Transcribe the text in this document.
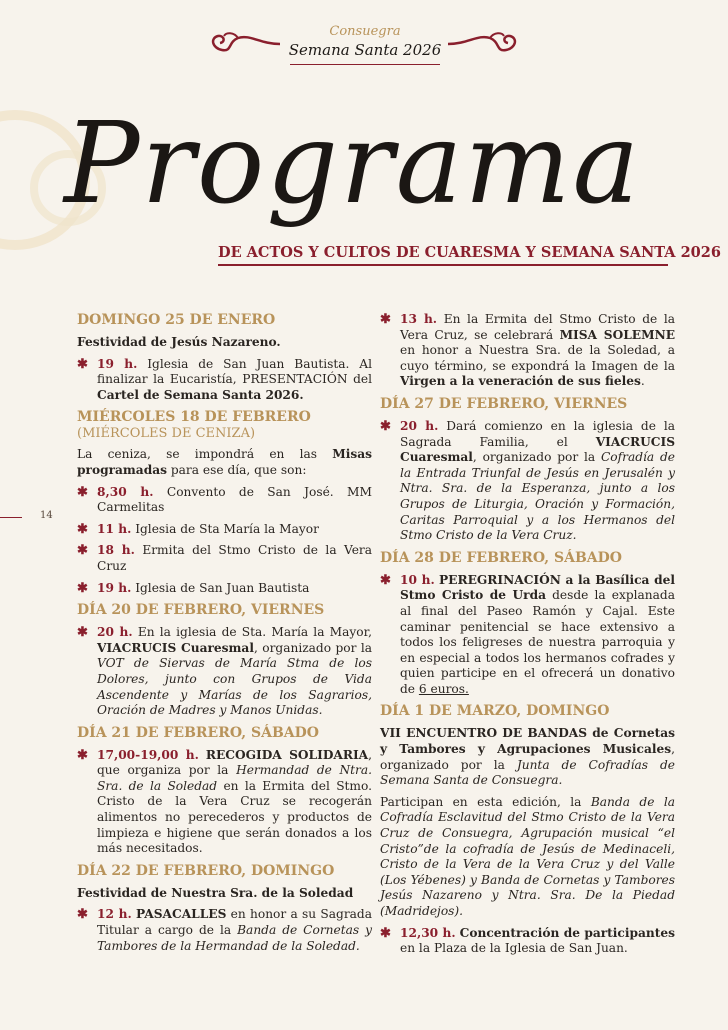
Consuegra
Semana Santa 2026
Programa
DE ACTOS Y CULTOS DE CUARESMA Y SEMANA SANTA 2026
14
DOMINGO 25 DE ENERO
Festividad de Jesús Nazareno.
✱ 19 h. Iglesia de San Juan Bautista. Al finalizar la Eucaristía, PRESENTACIÓN del Cartel de Semana Santa 2026.
MIÉRCOLES 18 DE FEBRERO
(MIÉRCOLES DE CENIZA)
La ceniza, se impondrá en las Misas programadas para ese día, que son:
✱ 8,30 h. Convento de San José. MM Carmelitas
✱ 11 h. Iglesia de Sta María la Mayor
✱ 18 h. Ermita del Stmo Cristo de la Vera Cruz
✱ 19 h. Iglesia de San Juan Bautista
DÍA 20 DE FEBRERO, VIERNES
✱ 20 h. En la iglesia de Sta. María la Mayor, VIACRUCIS Cuaresmal, organizado por la VOT de Siervas de María Stma de los Dolores, junto con Grupos de Vida Ascendente y Marías de los Sagrarios, Oración de Madres y Manos Unidas.
DÍA 21 DE FEBRERO, SÁBADO
✱ 17,00-19,00 h. RECOGIDA SOLIDARIA, que organiza por la Hermandad de Ntra. Sra. de la Soledad en la Ermita del Stmo. Cristo de la Vera Cruz se recogerán alimentos no perecederos y productos de limpieza e higiene que serán donados a los más necesitados.
DÍA 22 DE FEBRERO, DOMINGO
Festividad de Nuestra Sra. de la Soledad
✱ 12 h. PASACALLES en honor a su Sagrada Titular a cargo de la Banda de Cornetas y Tambores de la Hermandad de la Soledad.
✱ 13 h. En la Ermita del Stmo Cristo de la Vera Cruz, se celebrará MISA SOLEMNE en honor a Nuestra Sra. de la Soledad, a cuyo término, se expondrá la Imagen de la Virgen a la veneración de sus fieles.
DÍA 27 DE FEBRERO, VIERNES
✱ 20 h. Dará comienzo en la iglesia de la Sagrada Familia, el VIACRUCIS Cuaresmal, organizado por la Cofradía de la Entrada Triunfal de Jesús en Jerusalén y Ntra. Sra. de la Esperanza, junto a los Grupos de Liturgia, Oración y Formación, Caritas Parroquial y a los Hermanos del Stmo Cristo de la Vera Cruz.
DÍA 28 DE FEBRERO, SÁBADO
✱ 10 h. PEREGRINACIÓN a la Basílica del Stmo Cristo de Urda desde la explanada al final del Paseo Ramón y Cajal. Este caminar penitencial se hace extensivo a todos los feligreses de nuestra parroquia y en especial a todos los hermanos cofrades y quien participe en el ofrecerá un donativo de 6 euros.
DÍA 1 DE MARZO, DOMINGO
VII ENCUENTRO DE BANDAS de Cornetas y Tambores y Agrupaciones Musicales, organizado por la Junta de Cofradías de Semana Santa de Consuegra.
Participan en esta edición, la Banda de la Cofradía Esclavitud del Stmo Cristo de la Vera Cruz de Consuegra, Agrupación musical “el Cristo”de la cofradía de Jesús de Medinaceli, Cristo de la Vera de la Vera Cruz y del Valle (Los Yébenes) y Banda de Cornetas y Tambores Jesús Nazareno y Ntra. Sra. De la Piedad (Madridejos).
✱ 12,30 h. Concentración de participantes en la Plaza de la Iglesia de San Juan.
